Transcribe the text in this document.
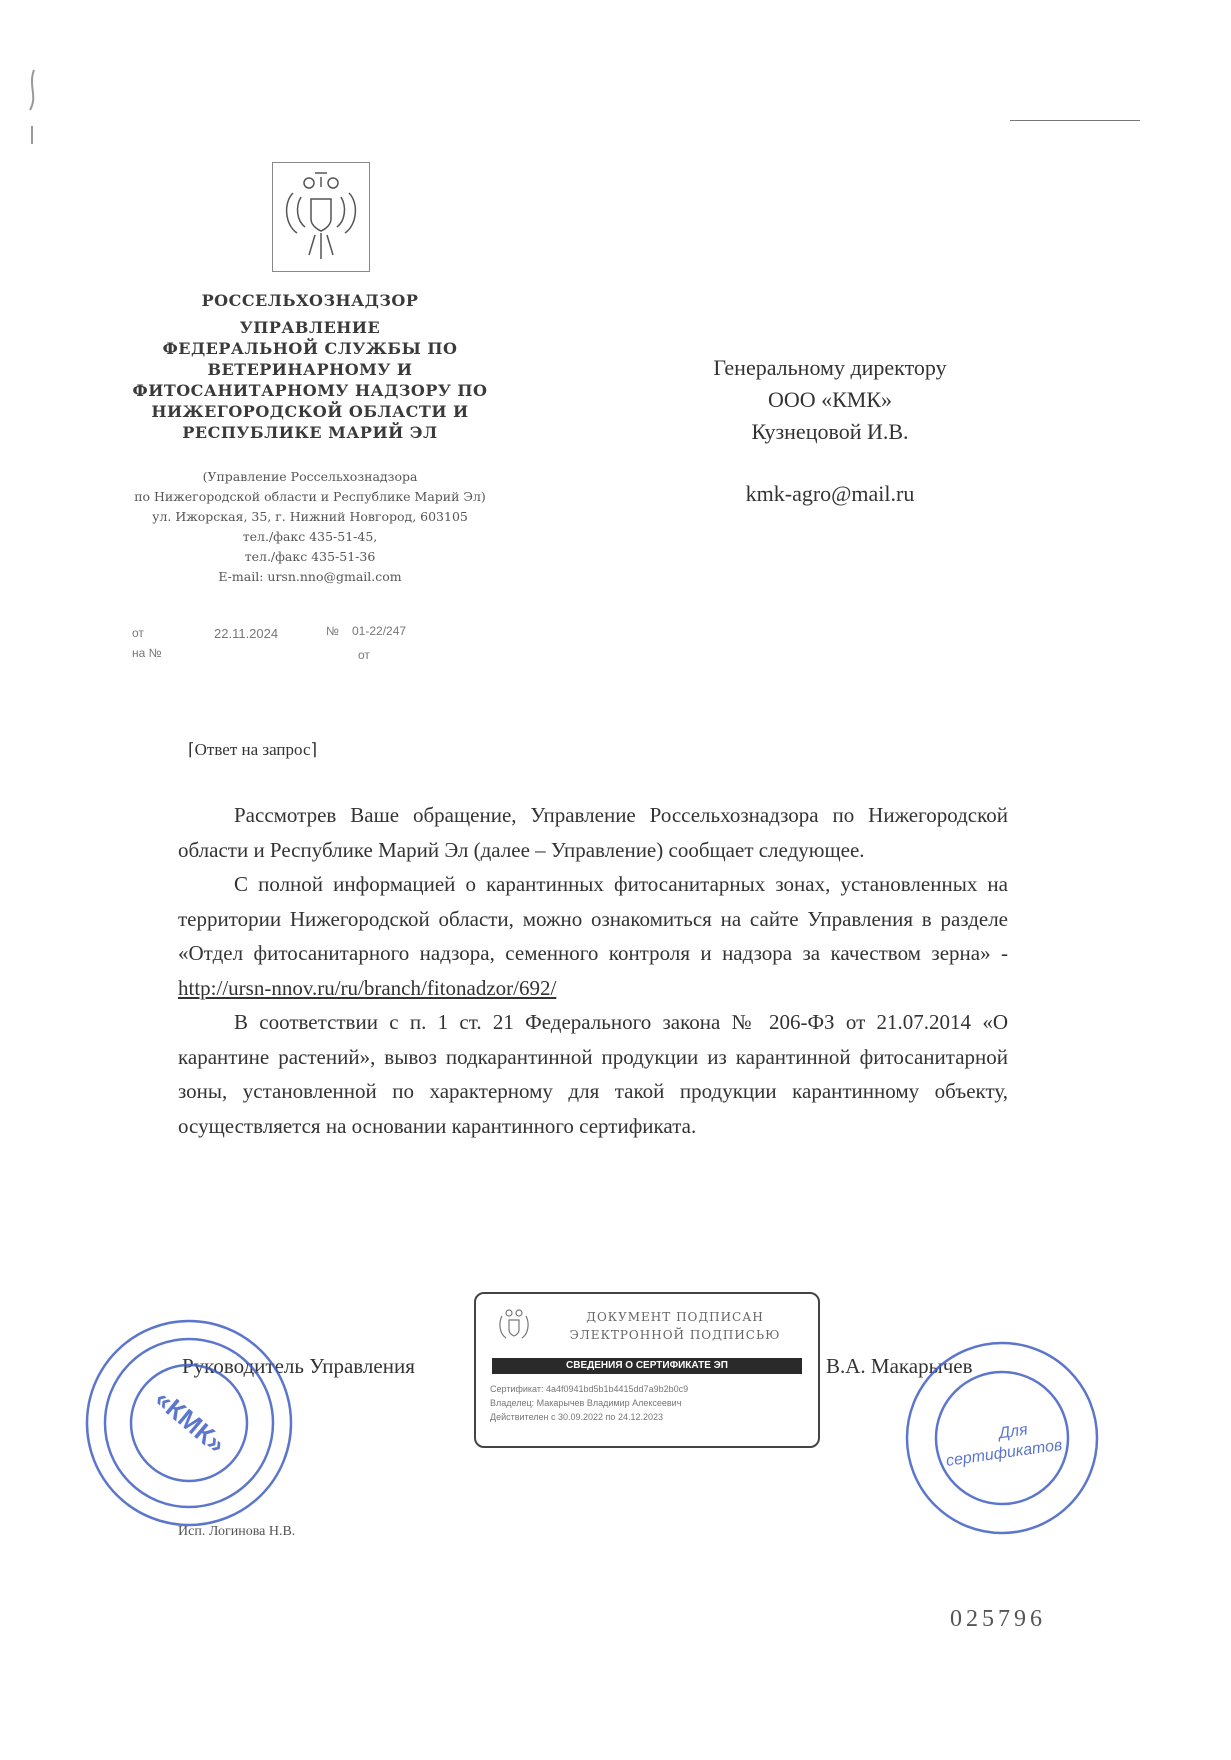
РОССЕЛЬХОЗНАДЗОР
УПРАВЛЕНИЕ
ФЕДЕРАЛЬНОЙ СЛУЖБЫ ПО
ВЕТЕРИНАРНОМУ И
ФИТОСАНИТАРНОМУ НАДЗОРУ ПО
НИЖЕГОРОДСКОЙ ОБЛАСТИ И
РЕСПУБЛИКЕ МАРИЙ ЭЛ
(Управление Россельхознадзора
по Нижегородской области и Республике Марий Эл)
ул. Ижорская, 35, г. Нижний Новгород, 603105
тел./факс 435-51-45,
тел./факс 435-51-36
E-mail: ursn.nno@gmail.com
от	22.11.2024	№ 01-22/247
на №	от
Генеральному директору
ООО «КМК»
Кузнецовой И.В.
kmk-agro@mail.ru
⌈Ответ на запрос⌉

Рассмотрев Ваше обращение, Управление Россельхознадзора по Нижегородской области и Республике Марий Эл (далее – Управление) сообщает следующее.

С полной информацией о карантинных фитосанитарных зонах, установленных на территории Нижегородской области, можно ознакомиться на сайте Управления в разделе «Отдел фитосанитарного надзора, семенного контроля и надзора за качеством зерна» - http://ursn-nnov.ru/ru/branch/fitonadzor/692/

В соответствии с п. 1 ст. 21 Федерального закона № 206-ФЗ от 21.07.2014 «О карантине растений», вывоз подкарантинной продукции из карантинной фитосанитарной зоны, установленной по характерному для такой продукции карантинному объекту, осуществляется на основании карантинного сертификата.

Руководитель Управления
ДОКУМЕНТ ПОДПИСАН
ЭЛЕКТРОННОЙ ПОДПИСЬЮ
СВЕДЕНИЯ О СЕРТИФИКАТЕ ЭП
Сертификат: 4a4f0941bd5b1b4415dd7a9b2b0c9
Владелец: Макарычев Владимир Алексеевич
Действителен с 30.09.2022 по 24.12.2023
В.А. Макарычев
Исп. Логинова Н.В.
025796
«КМК»	Для
сертификатов
